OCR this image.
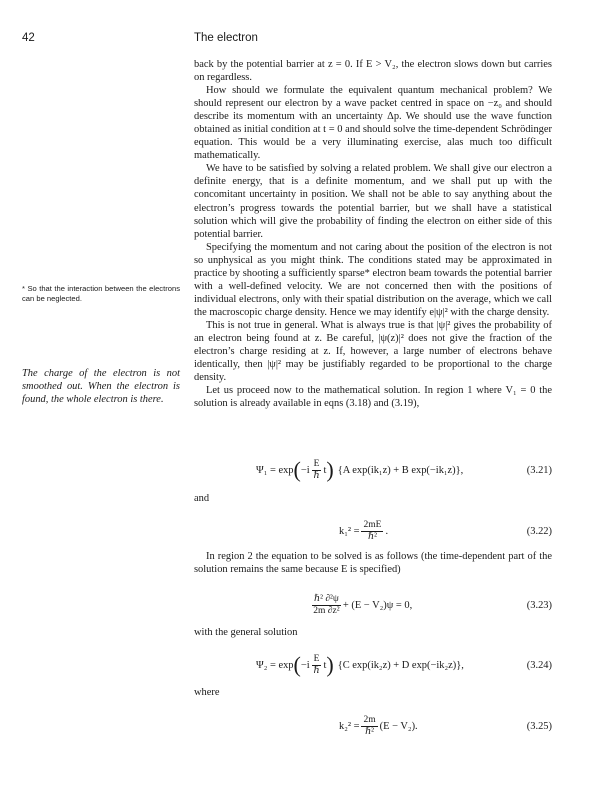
42	The electron

back by the potential barrier at z = 0. If E > V₂, the electron slows down but carries on regardless.

How should we formulate the equivalent quantum mechanical problem? We should represent our electron by a wave packet centred in space on −z₀ and should describe its momentum with an uncertainty Δp. We should use the wave function obtained as initial condition at t = 0 and should solve the time-dependent Schrödinger equation. This would be a very illuminating exercise, alas much too difficult mathematically.

We have to be satisfied by solving a related problem. We shall give our electron a definite energy, that is a definite momentum, and we shall put up with the concomitant uncertainty in position. We shall not be able to say anything about the electron’s progress towards the potential barrier, but we shall have a statistical solution which will give the probability of finding the electron on either side of this potential barrier.

Specifying the momentum and not caring about the position of the electron is not so unphysical as you might think. The conditions stated may be approximated in practice by shooting a sufficiently sparse* electron beam towards the potential barrier with a well-defined velocity. We are not concerned then with the positions of individual electrons, only with their spatial distribution on the average, which we call the macroscopic charge density. Hence we may identify e|ψ|² with the charge density.

This is not true in general. What is always true is that |ψ|² gives the probability of an electron being found at z. Be careful, |ψ(z)|² does not give the fraction of the electron’s charge residing at z. If, however, a large number of electrons behave identically, then |ψ|² may be justifiably regarded to be proportional to the charge density.

Let us proceed now to the mathematical solution. In region 1 where V₁ = 0 the solution is already available in eqns (3.18) and (3.19),

* So that the interaction between the electrons can be neglected.
The charge of the electron is not smoothed out. When the electron is found, the whole electron is there.
Ψ₁ = exp ( $-i \frac{E}{\text{ℏ}}$ t ) {A exp(ik₁z) + B exp(−ik₁z)},	(3.21)
and
$k_1^2 = \frac{2mE}{\text{ℏ²}}$ .	(3.22)
In region 2 the equation to be solved is as follows (the time-dependent part of the solution remains the same because E is specified)
$\frac{\text{ℏ² ∂²ψ}}{\text{2m ∂z²}} + (E - V_2)\psi = 0$,	(3.23)
with the general solution
Ψ₂ = exp ( $-i \frac{E}{\text{ℏ}}$ t ) {C exp(ik₂z) + D exp(−ik₂z)},	(3.24)
where
$k_2^2 = \frac{2m}{\text{ℏ²}} (E - V_2)$.	(3.25)
